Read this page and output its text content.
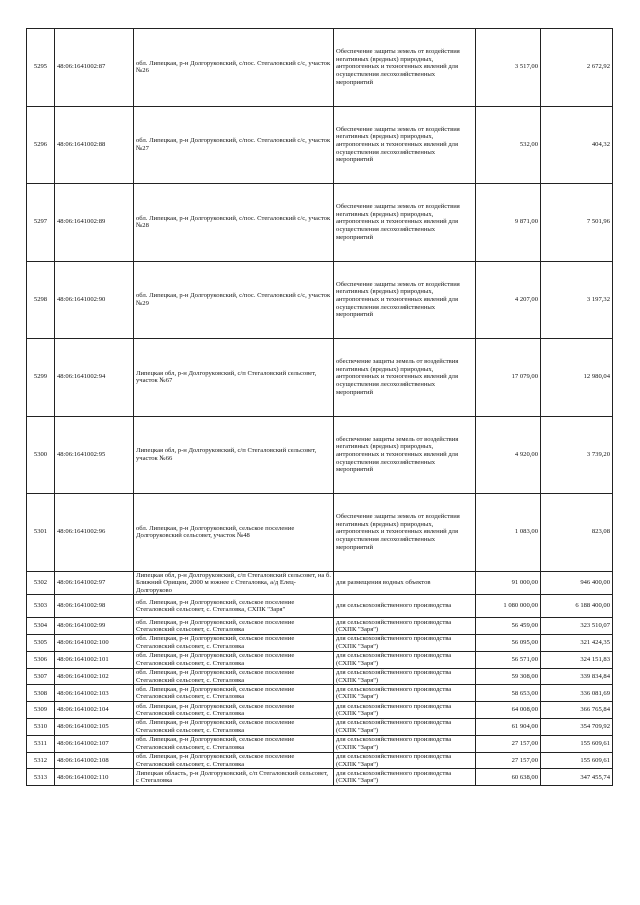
5295	48:06:1641002:87	обл. Липецкая, р-н Долгоруковский, с/пос. Стегаловский с/с, участок №26	Обеспечение защиты земель от воздействия негативных (вредных) природных, антропогенных и техногенных явлений для осуществления лесохозяйственных мероприятий	3 517,00	2 672,92
5296	48:06:1641002:88	обл. Липецкая, р-н Долгоруковский, с/пос. Стегаловский с/с, участок №27	Обеспечение защиты земель от воздействия негативных (вредных) природных, антропогенных и техногенных явлений для осуществления лесохозяйственных мероприятий	532,00	404,32
5297	48:06:1641002:89	обл. Липецкая, р-н Долгоруковский, с/пос. Стегаловский с/с, участок №28	Обеспечение защиты земель от воздействия негативных (вредных) природных, антропогенных и техногенных явлений для осуществления лесохозяйственных мероприятий	9 871,00	7 501,96
5298	48:06:1641002:90	обл. Липецкая, р-н Долгоруковский, с/пос. Стегаловский с/с, участок №29	Обеспечение защиты земель от воздействия негативных (вредных) природных, антропогенных и техногенных явлений для осуществления лесохозяйственных мероприятий	4 207,00	3 197,32
5299	48:06:1641002:94	Липецкая обл, р-н Долгоруковский, с/п Стегаловский сельсовет, участок №67	обеспечение защиты земель от воздействия негативных (вредных) природных, антропогенных и техногенных явлений для осуществления лесохозяйственных мероприятий	17 079,00	12 980,04
5300	48:06:1641002:95	Липецкая обл, р-н Долгоруковский, с/п Стегаловский сельсовет, участок №66	обеспечение защиты земель от воздействия негативных (вредных) природных, антропогенных и техногенных явлений для осуществления лесохозяйственных мероприятий	4 920,00	3 739,20
5301	48:06:1641002:96	обл. Липецкая, р-н Долгоруковский, сельское поселение Долгоруковский сельсовет, участок №48	Обеспечение защиты земель от воздействия негативных (вредных) природных, антропогенных и техногенных явлений для осуществления лесохозяйственных мероприятий	1 083,00	823,08
5302	48:06:1641002:97	Липецкая обл, р-н Долгоруковский, с/п Стегаловский сельсовет, на б. Ближний Орищеи, 2000 м южнее с Стегаловка, а/д Елец-Долгоруково	для размещения водных объектов	91 000,00	946 400,00
5303	48:06:1641002:98	обл. Липецкая, р-н Долгоруковский, сельское поселение Стегаловский сельсовет, с. Стегаловка, СХПК "Заря"	для сельскохозяйственного производства	1 080 000,00	6 188 400,00
5304	48:06:1641002:99	обл. Липецкая, р-н Долгоруковский, сельское поселение Стегаловский сельсовет, с. Стегаловка	для сельскохозяйственного производства (СХПК "Заря")	56 459,00	323 510,07
5305	48:06:1641002:100	обл. Липецкая, р-н Долгоруковский, сельское поселение Стегаловский сельсовет, с. Стегаловка	для сельскохозяйственного производства (СХПК "Заря")	56 095,00	321 424,35
5306	48:06:1641002:101	обл. Липецкая, р-н Долгоруковский, сельское поселение Стегаловский сельсовет, с. Стегаловка	для сельскохозяйственного производства (СХПК "Заря")	56 571,00	324 151,83
5307	48:06:1641002:102	обл. Липецкая, р-н Долгоруковский, сельское поселение Стегаловский сельсовет, с. Стегаловка	для сельскохозяйственного производства (СХПК "Заря")	59 308,00	339 834,84
5308	48:06:1641002:103	обл. Липецкая, р-н Долгоруковский, сельское поселение Стегаловский сельсовет, с. Стегаловка	для сельскохозяйственного производства (СХПК "Заря")	58 653,00	336 081,69
5309	48:06:1641002:104	обл. Липецкая, р-н Долгоруковский, сельское поселение Стегаловский сельсовет, с. Стегаловка	для сельскохозяйственного производства (СХПК "Заря")	64 008,00	366 765,84
5310	48:06:1641002:105	обл. Липецкая, р-н Долгоруковский, сельское поселение Стегаловский сельсовет, с. Стегаловка	для сельскохозяйственного производства (СХПК "Заря")	61 904,00	354 709,92
5311	48:06:1641002:107	обл. Липецкая, р-н Долгоруковский, сельское поселение Стегаловский сельсовет, с. Стегаловка	для сельскохозяйственного производства (СХПК "Заря")	27 157,00	155 609,61
5312	48:06:1641002:108	обл. Липецкая, р-н Долгоруковский, сельское поселение Стегаловский сельсовет, с. Стегаловка	для сельскохозяйственного производства (СХПК "Заря")	27 157,00	155 609,61
5313	48:06:1641002:110	Липецкая область, р-н Долгоруковский, с/п Стегаловский сельсовет, с Стегаловка	для сельскохозяйственного производства (СХПК "Заря")	60 638,00	347 455,74
